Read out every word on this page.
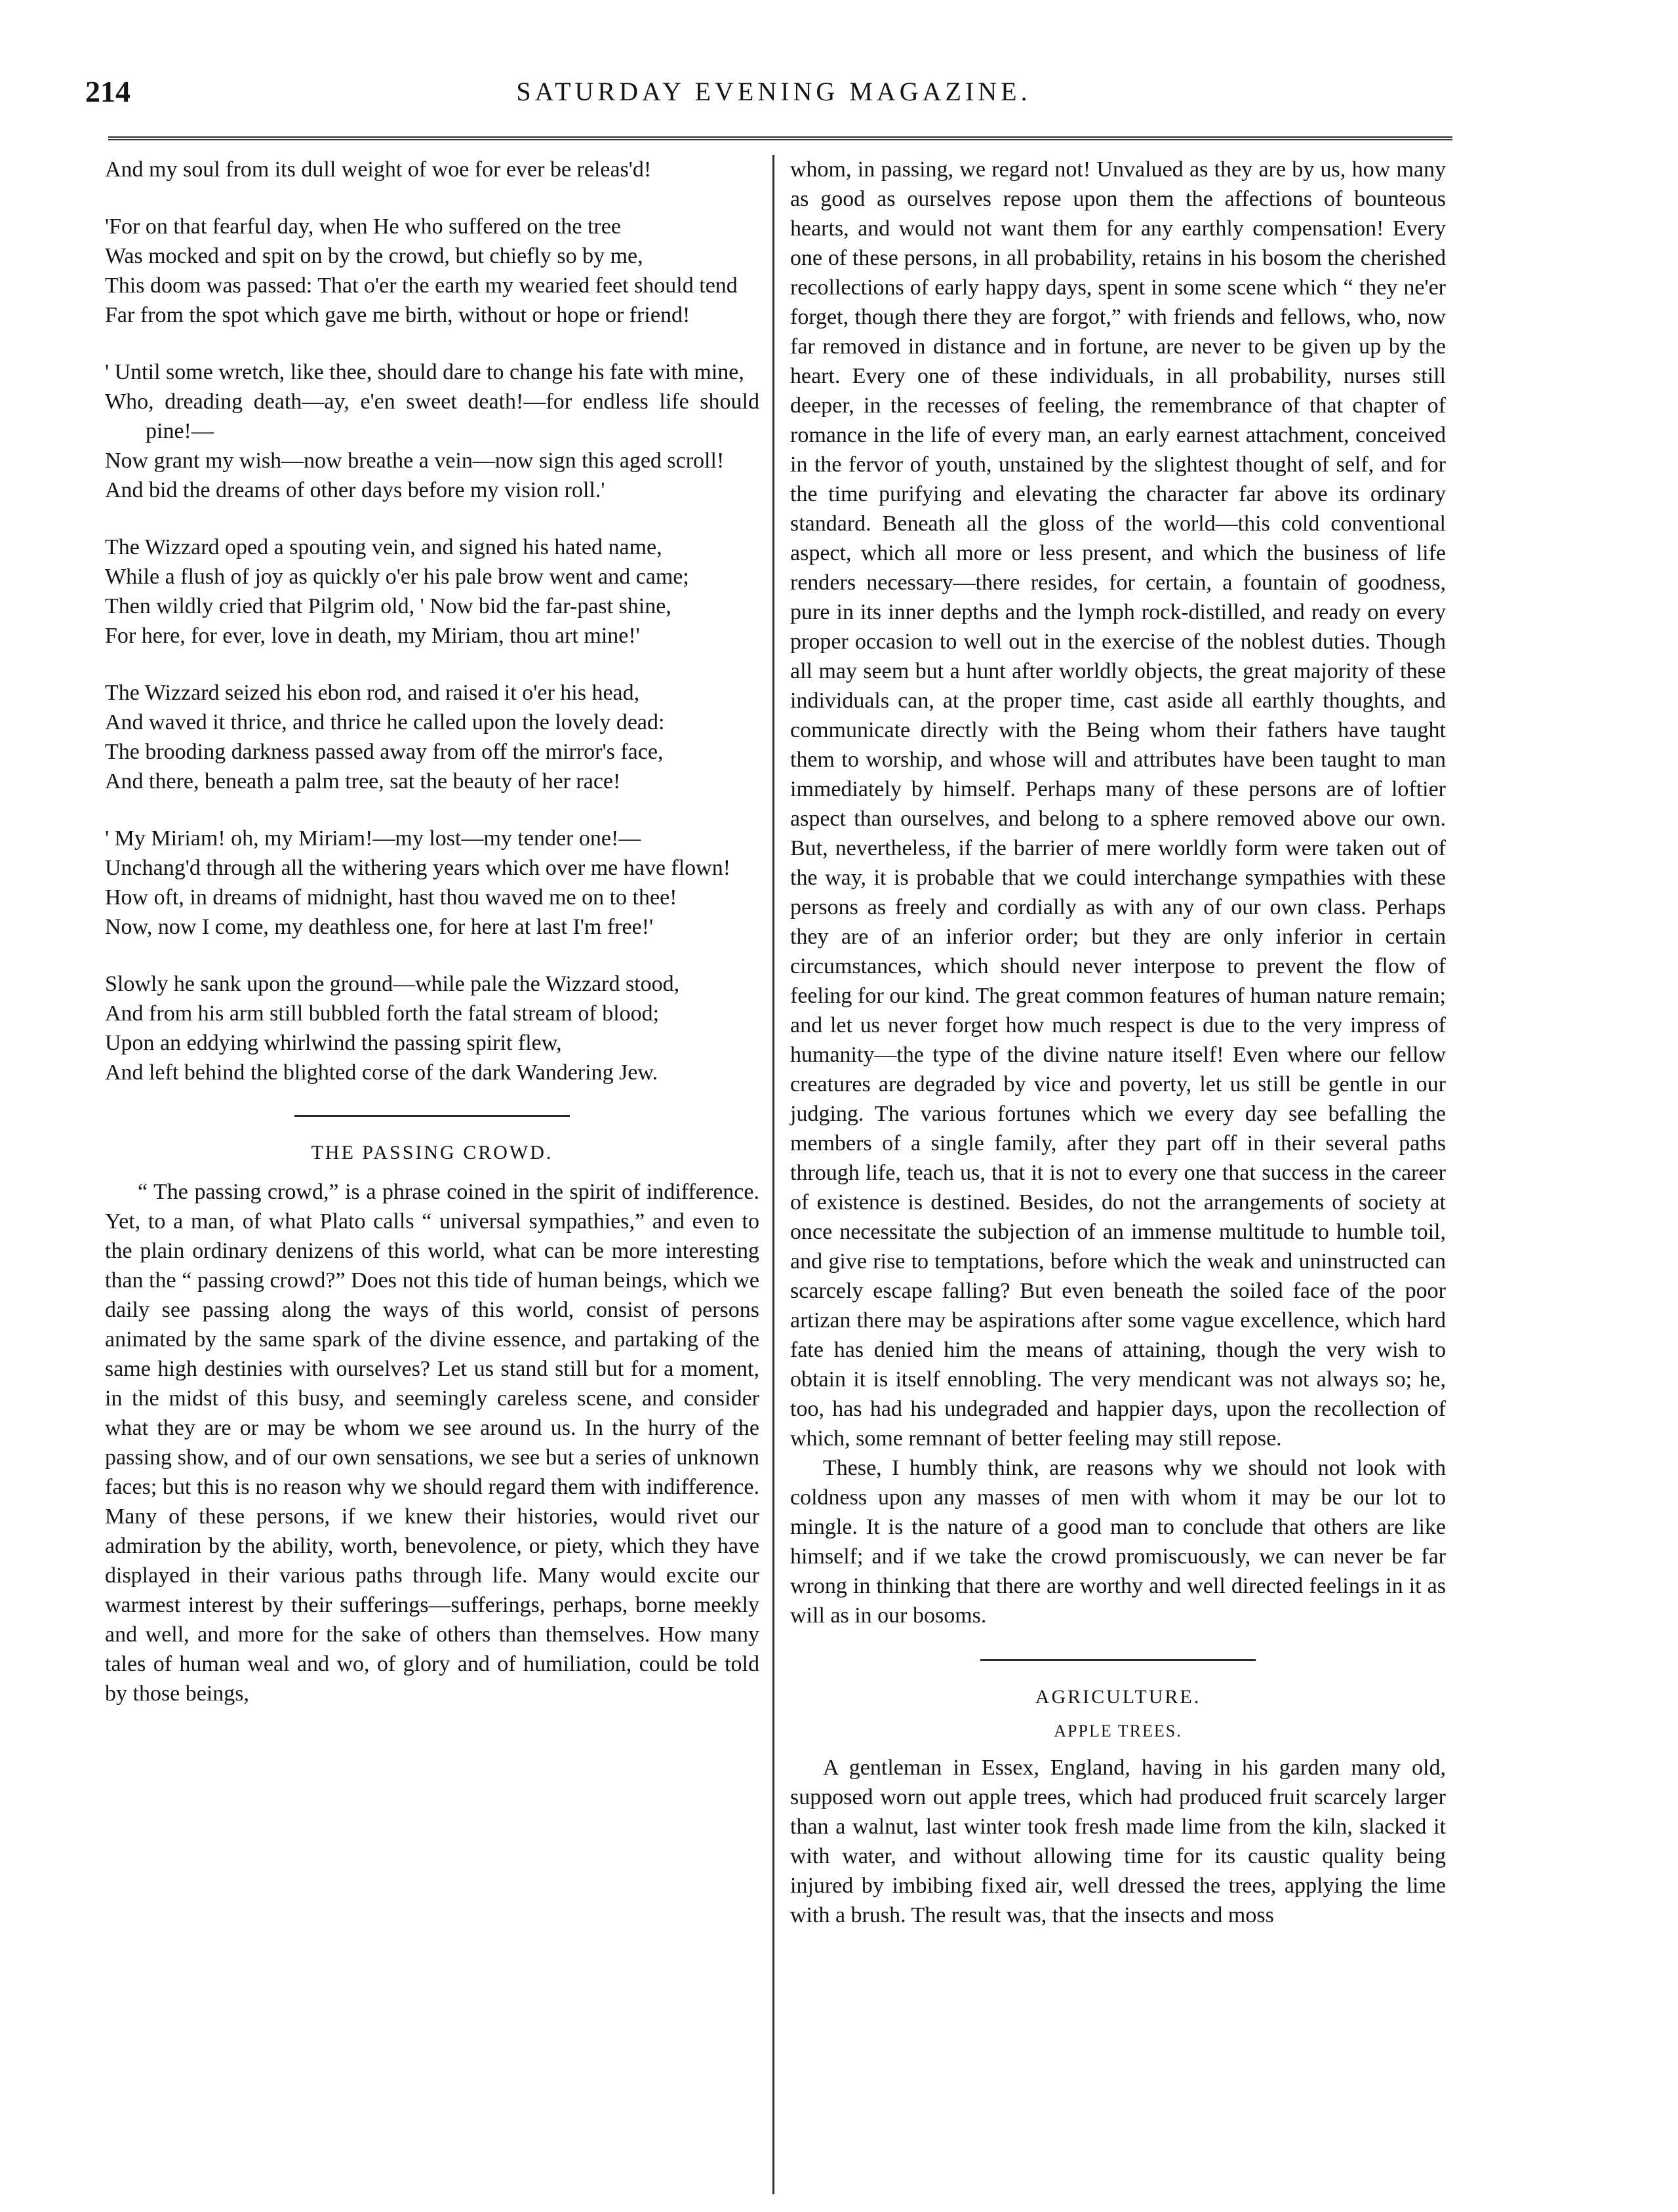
214	SATURDAY EVENING MAGAZINE.
And my soul from its dull weight of woe for ever be releas'd!
'For on that fearful day, when He who suffered on the tree
Was mocked and spit on by the crowd, but chiefly so by me,
This doom was passed: That o'er the earth my wearied feet should tend
Far from the spot which gave me birth, without or hope or friend!
' Until some wretch, like thee, should dare to change his fate with mine,
Who, dreading death—ay, e'en sweet death!—for endless life should pine!—
Now grant my wish—now breathe a vein—now sign this aged scroll!
And bid the dreams of other days before my vision roll.'
The Wizzard oped a spouting vein, and signed his hated name,
While a flush of joy as quickly o'er his pale brow went and came;
Then wildly cried that Pilgrim old, ' Now bid the far-past shine,
For here, for ever, love in death, my Miriam, thou art mine!'
The Wizzard seized his ebon rod, and raised it o'er his head,
And waved it thrice, and thrice he called upon the lovely dead:
The brooding darkness passed away from off the mirror's face,
And there, beneath a palm tree, sat the beauty of her race!
' My Miriam! oh, my Miriam!—my lost—my tender one!—
Unchang'd through all the withering years which over me have flown!
How oft, in dreams of midnight, hast thou waved me on to thee!
Now, now I come, my deathless one, for here at last I'm free!'
Slowly he sank upon the ground—while pale the Wizzard stood,
And from his arm still bubbled forth the fatal stream of blood;
Upon an eddying whirlwind the passing spirit flew,
And left behind the blighted corse of the dark Wandering Jew.
THE PASSING CROWD.

“ The passing crowd,” is a phrase coined in the spirit of indifference. Yet, to a man, of what Plato calls “ universal sympathies,” and even to the plain ordinary denizens of this world, what can be more interesting than the “ passing crowd?” Does not this tide of human beings, which we daily see passing along the ways of this world, consist of persons animated by the same spark of the divine essence, and partaking of the same high destinies with ourselves? Let us stand still but for a moment, in the midst of this busy, and seemingly careless scene, and consider what they are or may be whom we see around us. In the hurry of the passing show, and of our own sensations, we see but a series of unknown faces; but this is no reason why we should regard them with indifference. Many of these persons, if we knew their histories, would rivet our admiration by the ability, worth, benevolence, or piety, which they have displayed in their various paths through life. Many would excite our warmest interest by their sufferings—sufferings, perhaps, borne meekly and well, and more for the sake of others than themselves. How many tales of human weal and wo, of glory and of humiliation, could be told by those beings,

whom, in passing, we regard not! Unvalued as they are by us, how many as good as ourselves repose upon them the affections of bounteous hearts, and would not want them for any earthly compensation! Every one of these persons, in all probability, retains in his bosom the cherished recollections of early happy days, spent in some scene which “ they ne'er forget, though there they are forgot,” with friends and fellows, who, now far removed in distance and in fortune, are never to be given up by the heart. Every one of these individuals, in all probability, nurses still deeper, in the recesses of feeling, the remembrance of that chapter of romance in the life of every man, an early earnest attachment, conceived in the fervor of youth, unstained by the slightest thought of self, and for the time purifying and elevating the character far above its ordinary standard. Beneath all the gloss of the world—this cold conventional aspect, which all more or less present, and which the business of life renders necessary—there resides, for certain, a fountain of goodness, pure in its inner depths and the lymph rock-distilled, and ready on every proper occasion to well out in the exercise of the noblest duties. Though all may seem but a hunt after worldly objects, the great majority of these individuals can, at the proper time, cast aside all earthly thoughts, and communicate directly with the Being whom their fathers have taught them to worship, and whose will and attributes have been taught to man immediately by himself. Perhaps many of these persons are of loftier aspect than ourselves, and belong to a sphere removed above our own. But, nevertheless, if the barrier of mere worldly form were taken out of the way, it is probable that we could interchange sympathies with these persons as freely and cordially as with any of our own class. Perhaps they are of an inferior order; but they are only inferior in certain circumstances, which should never interpose to prevent the flow of feeling for our kind. The great common features of human nature remain; and let us never forget how much respect is due to the very impress of humanity—the type of the divine nature itself! Even where our fellow creatures are degraded by vice and poverty, let us still be gentle in our judging. The various fortunes which we every day see befalling the members of a single family, after they part off in their several paths through life, teach us, that it is not to every one that success in the career of existence is destined. Besides, do not the arrangements of society at once necessitate the subjection of an immense multitude to humble toil, and give rise to temptations, before which the weak and uninstructed can scarcely escape falling? But even beneath the soiled face of the poor artizan there may be aspirations after some vague excellence, which hard fate has denied him the means of attaining, though the very wish to obtain it is itself ennobling. The very mendicant was not always so; he, too, has had his undegraded and happier days, upon the recollection of which, some remnant of better feeling may still repose.

These, I humbly think, are reasons why we should not look with coldness upon any masses of men with whom it may be our lot to mingle. It is the nature of a good man to conclude that others are like himself; and if we take the crowd promiscuously, we can never be far wrong in thinking that there are worthy and well directed feelings in it as will as in our bosoms.

AGRICULTURE.
APPLE TREES.

A gentleman in Essex, England, having in his garden many old, supposed worn out apple trees, which had produced fruit scarcely larger than a walnut, last winter took fresh made lime from the kiln, slacked it with water, and without allowing time for its caustic quality being injured by imbibing fixed air, well dressed the trees, applying the lime with a brush. The result was, that the insects and moss
